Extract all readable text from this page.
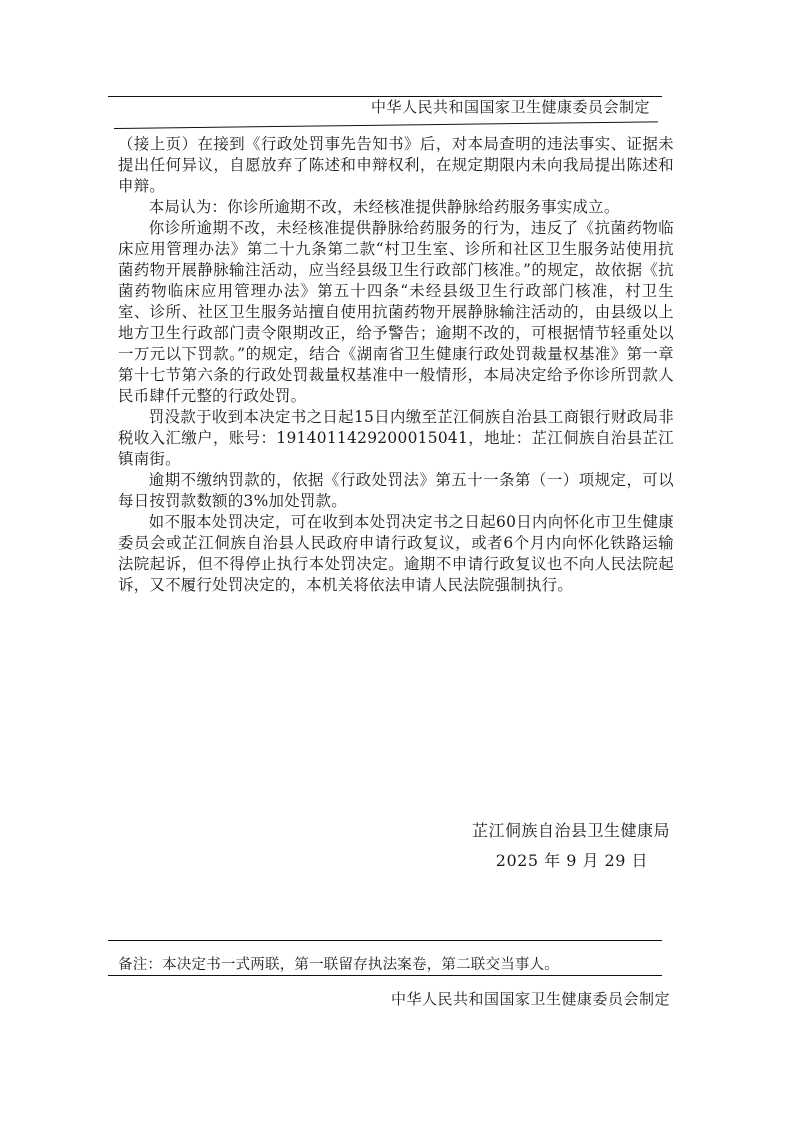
中华人民共和国国家卫生健康委员会制定

（接上页）在接到《行政处罚事先告知书》后，对本局查明的违法事实、证据未提出任何异议，自愿放弃了陈述和申辩权利，在规定期限内未向我局提出陈述和申辩。

本局认为：你诊所逾期不改，未经核准提供静脉给药服务事实成立。

你诊所逾期不改，未经核准提供静脉给药服务的行为，违反了《抗菌药物临床应用管理办法》第二十九条第二款“村卫生室、诊所和社区卫生服务站使用抗菌药物开展静脉输注活动，应当经县级卫生行政部门核准。”的规定，故依据《抗菌药物临床应用管理办法》第五十四条“未经县级卫生行政部门核准，村卫生室、诊所、社区卫生服务站擅自使用抗菌药物开展静脉输注活动的，由县级以上地方卫生行政部门责令限期改正，给予警告；逾期不改的，可根据情节轻重处以一万元以下罚款。”的规定，结合《湖南省卫生健康行政处罚裁量权基准》第一章第十七节第六条的行政处罚裁量权基准中一般情形，本局决定给予你诊所罚款人民币肆仟元整的行政处罚。

罚没款于收到本决定书之日起15日内缴至芷江侗族自治县工商银行财政局非税收入汇缴户，账号：1914011429200015041，地址：芷江侗族自治县芷江镇南街。

逾期不缴纳罚款的，依据《行政处罚法》第五十一条第（一）项规定，可以每日按罚款数额的3%加处罚款。

如不服本处罚决定，可在收到本处罚决定书之日起60日内向怀化市卫生健康委员会或芷江侗族自治县人民政府申请行政复议，或者6个月内向怀化铁路运输法院起诉，但不得停止执行本处罚决定。逾期不申请行政复议也不向人民法院起诉，又不履行处罚决定的，本机关将依法申请人民法院强制执行。

芷江侗族自治县卫生健康局
2025 年 9 月 29 日
备注：本决定书一式两联，第一联留存执法案卷，第二联交当事人。
中华人民共和国国家卫生健康委员会制定
